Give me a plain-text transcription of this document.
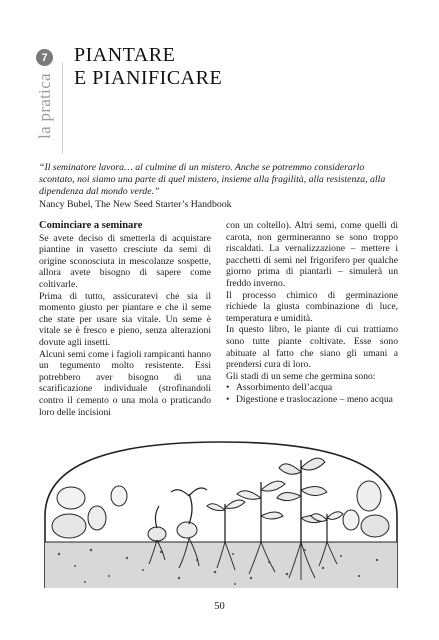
7
la pratica
PIANTARE
E PIANIFICARE
“Il seminatore lavora… al culmine di un mistero. Anche se potremmo considerarlo scontato, noi siamo una parte di quel mistero, insieme alla fragilità, alla resistenza, alla dipendenza dal mondo verde.”
Nancy Bubel, The New Seed Starter’s Handbook
Cominciare a seminare

Se avete deciso di smetterla di acquistare piantine in vasetto cresciute da semi di origine sconosciuta in mescolanze sospette, allora avete bisogno di sapere come coltivarle.

Prima di tutto, assicuratevi che sia il momento giusto per piantare e che il seme che state per usare sia vitale. Un seme è vitale se è fresco e pieno, senza alterazioni dovute agli insetti.

Alcuni semi come i fagioli rampicanti hanno un tegumento molto resistente. Essi potrebbero aver bisogno di una scarificazione individuale (strofinandoli contro il cemento o una mola o praticando loro delle incisioni

con un coltello). Altri semi, come quelli di carota, non germineranno se sono troppo riscaldati. La vernalizzazione – mettere i pacchetti di semi nel frigorifero per qualche giorno prima di piantarli – simulerà un freddo inverno.

Il processo chimico di germinazione richiede la giusta combinazione di luce, temperatura e umidità.

In questo libro, le piante di cui trattiamo sono tutte piante coltivate. Esse sono abituate al fatto che siano gli umani a prendersi cura di loro.

Gli stadi di un seme che germina sono:

• Assorbimento dell’acqua
• Digestione e traslocazione – meno acqua
50
